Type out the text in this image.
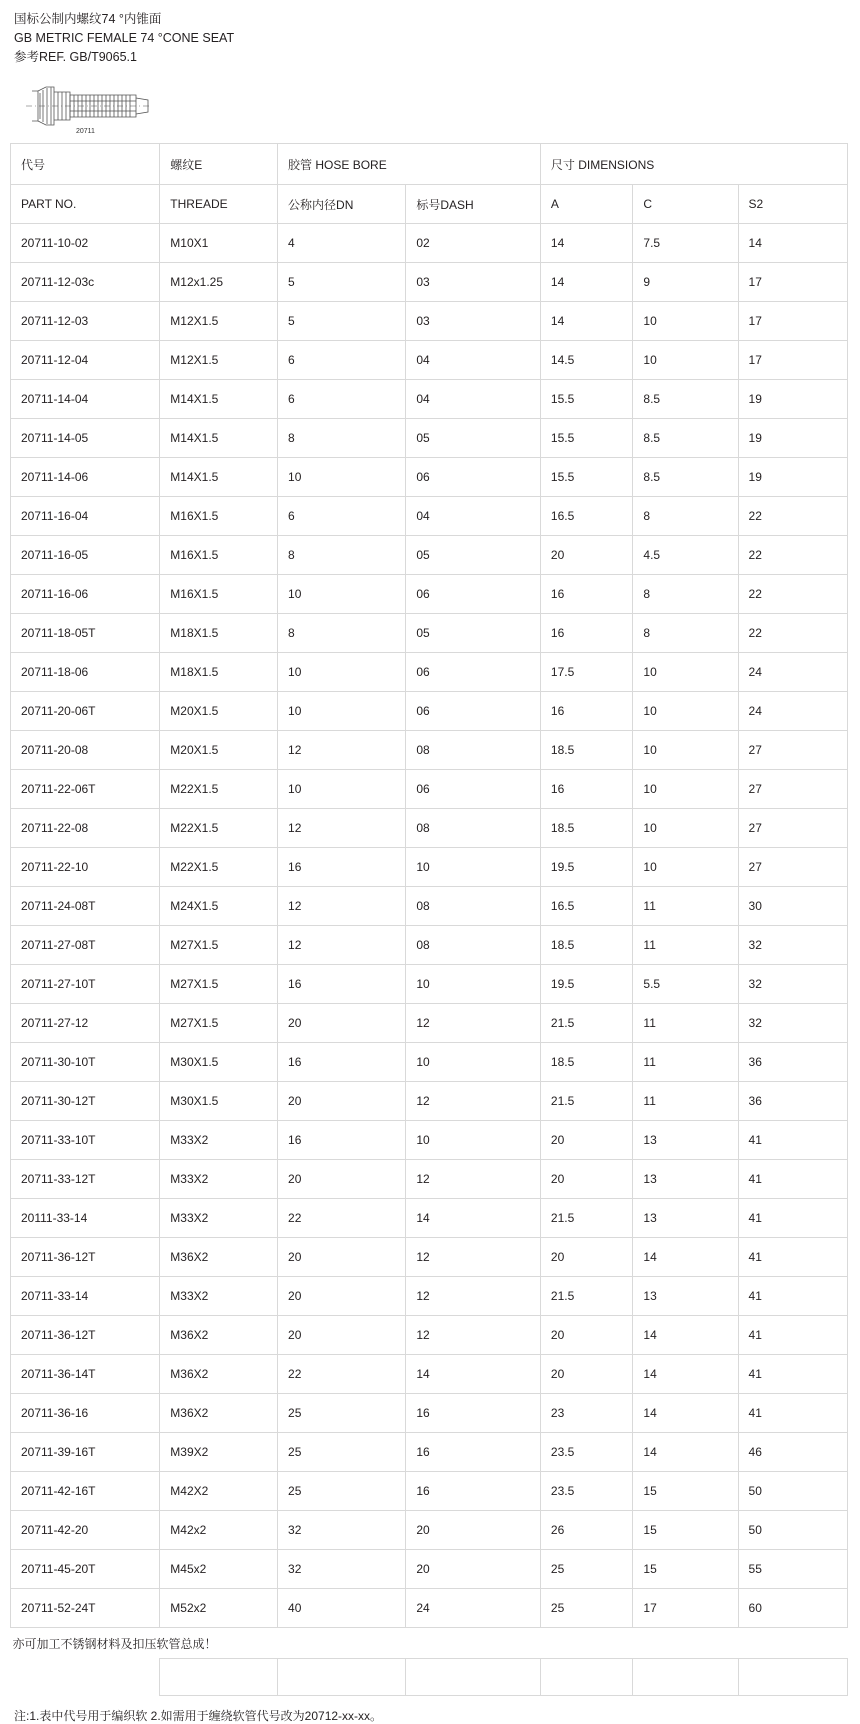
国标公制内螺纹74 °内锥面
GB METRIC FEMALE 74 °CONE SEAT
参考REF. GB/T9065.1
20711
代号	螺纹E	胶管 HOSE BORE		尺寸 DIMENSIONS		
PART NO.	THREADE	公称内径DN	标号DASH	A	C	S2
20711-10-02	M10X1	4	02	14	7.5	14
20711-12-03c	M12x1.25	5	03	14	9	17
20711-12-03	M12X1.5	5	03	14	10	17
20711-12-04	M12X1.5	6	04	14.5	10	17
20711-14-04	M14X1.5	6	04	15.5	8.5	19
20711-14-05	M14X1.5	8	05	15.5	8.5	19
20711-14-06	M14X1.5	10	06	15.5	8.5	19
20711-16-04	M16X1.5	6	04	16.5	8	22
20711-16-05	M16X1.5	8	05	20	4.5	22
20711-16-06	M16X1.5	10	06	16	8	22
20711-18-05T	M18X1.5	8	05	16	8	22
20711-18-06	M18X1.5	10	06	17.5	10	24
20711-20-06T	M20X1.5	10	06	16	10	24
20711-20-08	M20X1.5	12	08	18.5	10	27
20711-22-06T	M22X1.5	10	06	16	10	27
20711-22-08	M22X1.5	12	08	18.5	10	27
20711-22-10	M22X1.5	16	10	19.5	10	27
20711-24-08T	M24X1.5	12	08	16.5	11	30
20711-27-08T	M27X1.5	12	08	18.5	11	32
20711-27-10T	M27X1.5	16	10	19.5	5.5	32
20711-27-12	M27X1.5	20	12	21.5	11	32
20711-30-10T	M30X1.5	16	10	18.5	11	36
20711-30-12T	M30X1.5	20	12	21.5	11	36
20711-33-10T	M33X2	16	10	20	13	41
20711-33-12T	M33X2	20	12	20	13	41
20111-33-14	M33X2	22	14	21.5	13	41
20711-36-12T	M36X2	20	12	20	14	41
20711-33-14	M33X2	20	12	21.5	13	41
20711-36-12T	M36X2	20	12	20	14	41
20711-36-14T	M36X2	22	14	20	14	41
20711-36-16	M36X2	25	16	23	14	41
20711-39-16T	M39X2	25	16	23.5	14	46
20711-42-16T	M42X2	25	16	23.5	15	50
20711-42-20	M42x2	32	20	26	15	50
20711-45-20T	M45x2	32	20	25	15	55
20711-52-24T	M52x2	40	24	25	17	60
亦可加工不锈钢材料及扣压软管总成！						

注:1.表中代号用于编织软 2.如需用于缠绕软管代号改为20712-xx-xx。
